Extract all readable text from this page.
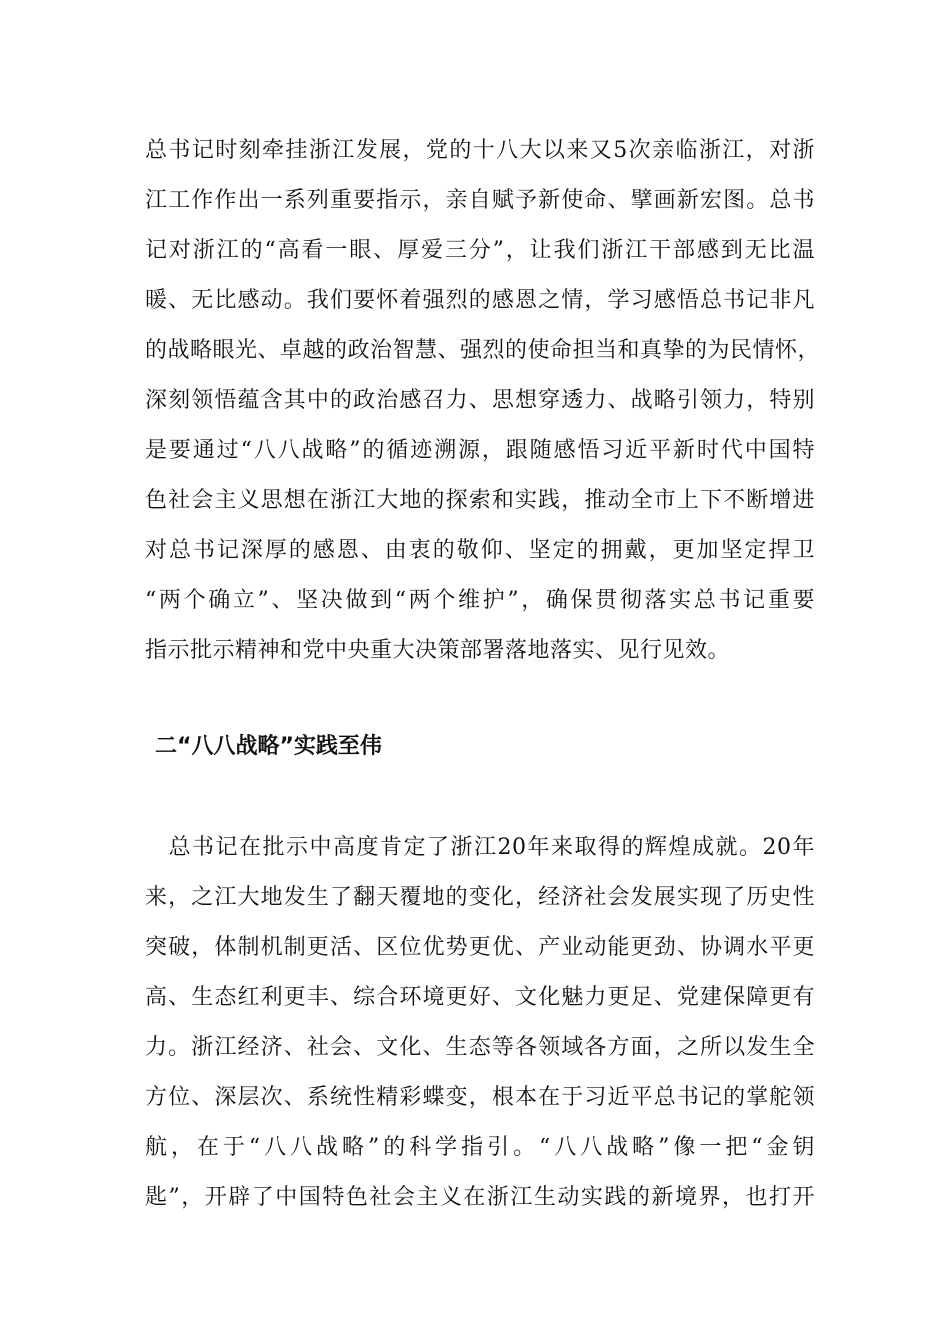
总书记时刻牵挂浙江发展，党的十八大以来又5次亲临浙江，对浙
江工作作出一系列重要指示，亲自赋予新使命、擘画新宏图。总书
记对浙江的“高看一眼、厚爱三分”，让我们浙江干部感到无比温
暖、无比感动。我们要怀着强烈的感恩之情，学习感悟总书记非凡
的战略眼光、卓越的政治智慧、强烈的使命担当和真挚的为民情怀，
深刻领悟蕴含其中的政治感召力、思想穿透力、战略引领力，特别
是要通过“八八战略”的循迹溯源，跟随感悟习近平新时代中国特
色社会主义思想在浙江大地的探索和实践，推动全市上下不断增进
对总书记深厚的感恩、由衷的敬仰、坚定的拥戴，更加坚定捍卫
“两个确立”、坚决做到“两个维护”，确保贯彻落实总书记重要
指示批示精神和党中央重大决策部署落地落实、见行见效。
二“八八战略”实践至伟
　总书记在批示中高度肯定了浙江20年来取得的辉煌成就。20年
来，之江大地发生了翻天覆地的变化，经济社会发展实现了历史性
突破，体制机制更活、区位优势更优、产业动能更劲、协调水平更
高、生态红利更丰、综合环境更好、文化魅力更足、党建保障更有
力。浙江经济、社会、文化、生态等各领域各方面，之所以发生全
方位、深层次、系统性精彩蝶变，根本在于习近平总书记的掌舵领
航，在于“八八战略”的科学指引。“八八战略”像一把“金钥
匙”，开辟了中国特色社会主义在浙江生动实践的新境界，也打开
